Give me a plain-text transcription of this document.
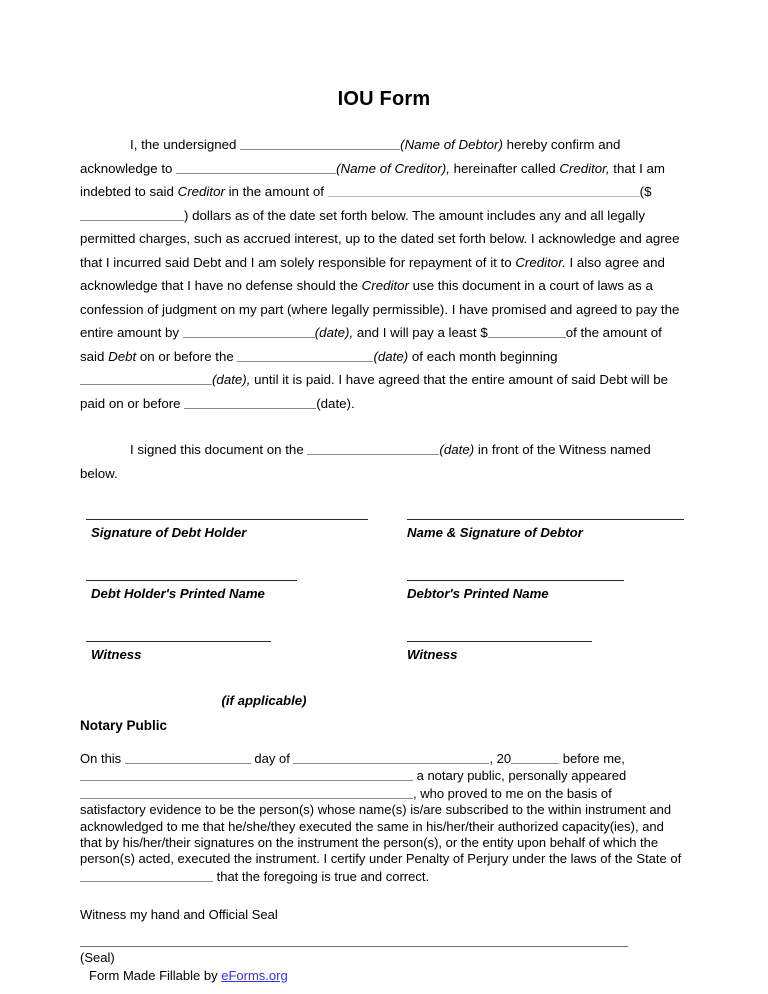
IOU Form

I, the undersigned	(Name of Debtor) hereby confirm and acknowledge to	(Name of Creditor), hereinafter called Creditor, that I am indebted to said Creditor in the amount of	($) dollars as of the date set forth below. The amount includes any and all legally permitted charges, such as accrued interest, up to the dated set forth below. I acknowledge and agree that I incurred said Debt and I am solely responsible for repayment of it to Creditor. I also agree and acknowledge that I have no defense should the Creditor use this document in a court of laws as a confession of judgment on my part (where legally permissible). I have promised and agreed to pay the entire amount by	(date), and I will pay a least $	of the amount of said Debt on or before the	(date) of each month beginning (date), until it is paid. I have agreed that the entire amount of said Debt will be paid on or before	(date).

I signed this document on the	(date) in front of the Witness named below.

Signature of Debt Holder	Name & Signature of Debtor
Debt Holder's Printed Name	Debtor's Printed Name
Witness	Witness
(if applicable)
Notary Public

On this	day of	, 20	before me,

a notary public, personally appeared

, who proved to me on the basis of

satisfactory evidence to be the person(s) whose name(s) is/are subscribed to the within instrument and acknowledged to me that he/she/they executed the same in his/her/their authorized capacity(ies), and that by his/her/their signatures on the instrument the person(s), or the entity upon behalf of which the person(s) acted, executed the instrument. I certify under Penalty of Perjury under the laws of the State of  that the foregoing is true and correct.

Witness my hand and Official Seal
(Seal)
Form Made Fillable by eForms.org
